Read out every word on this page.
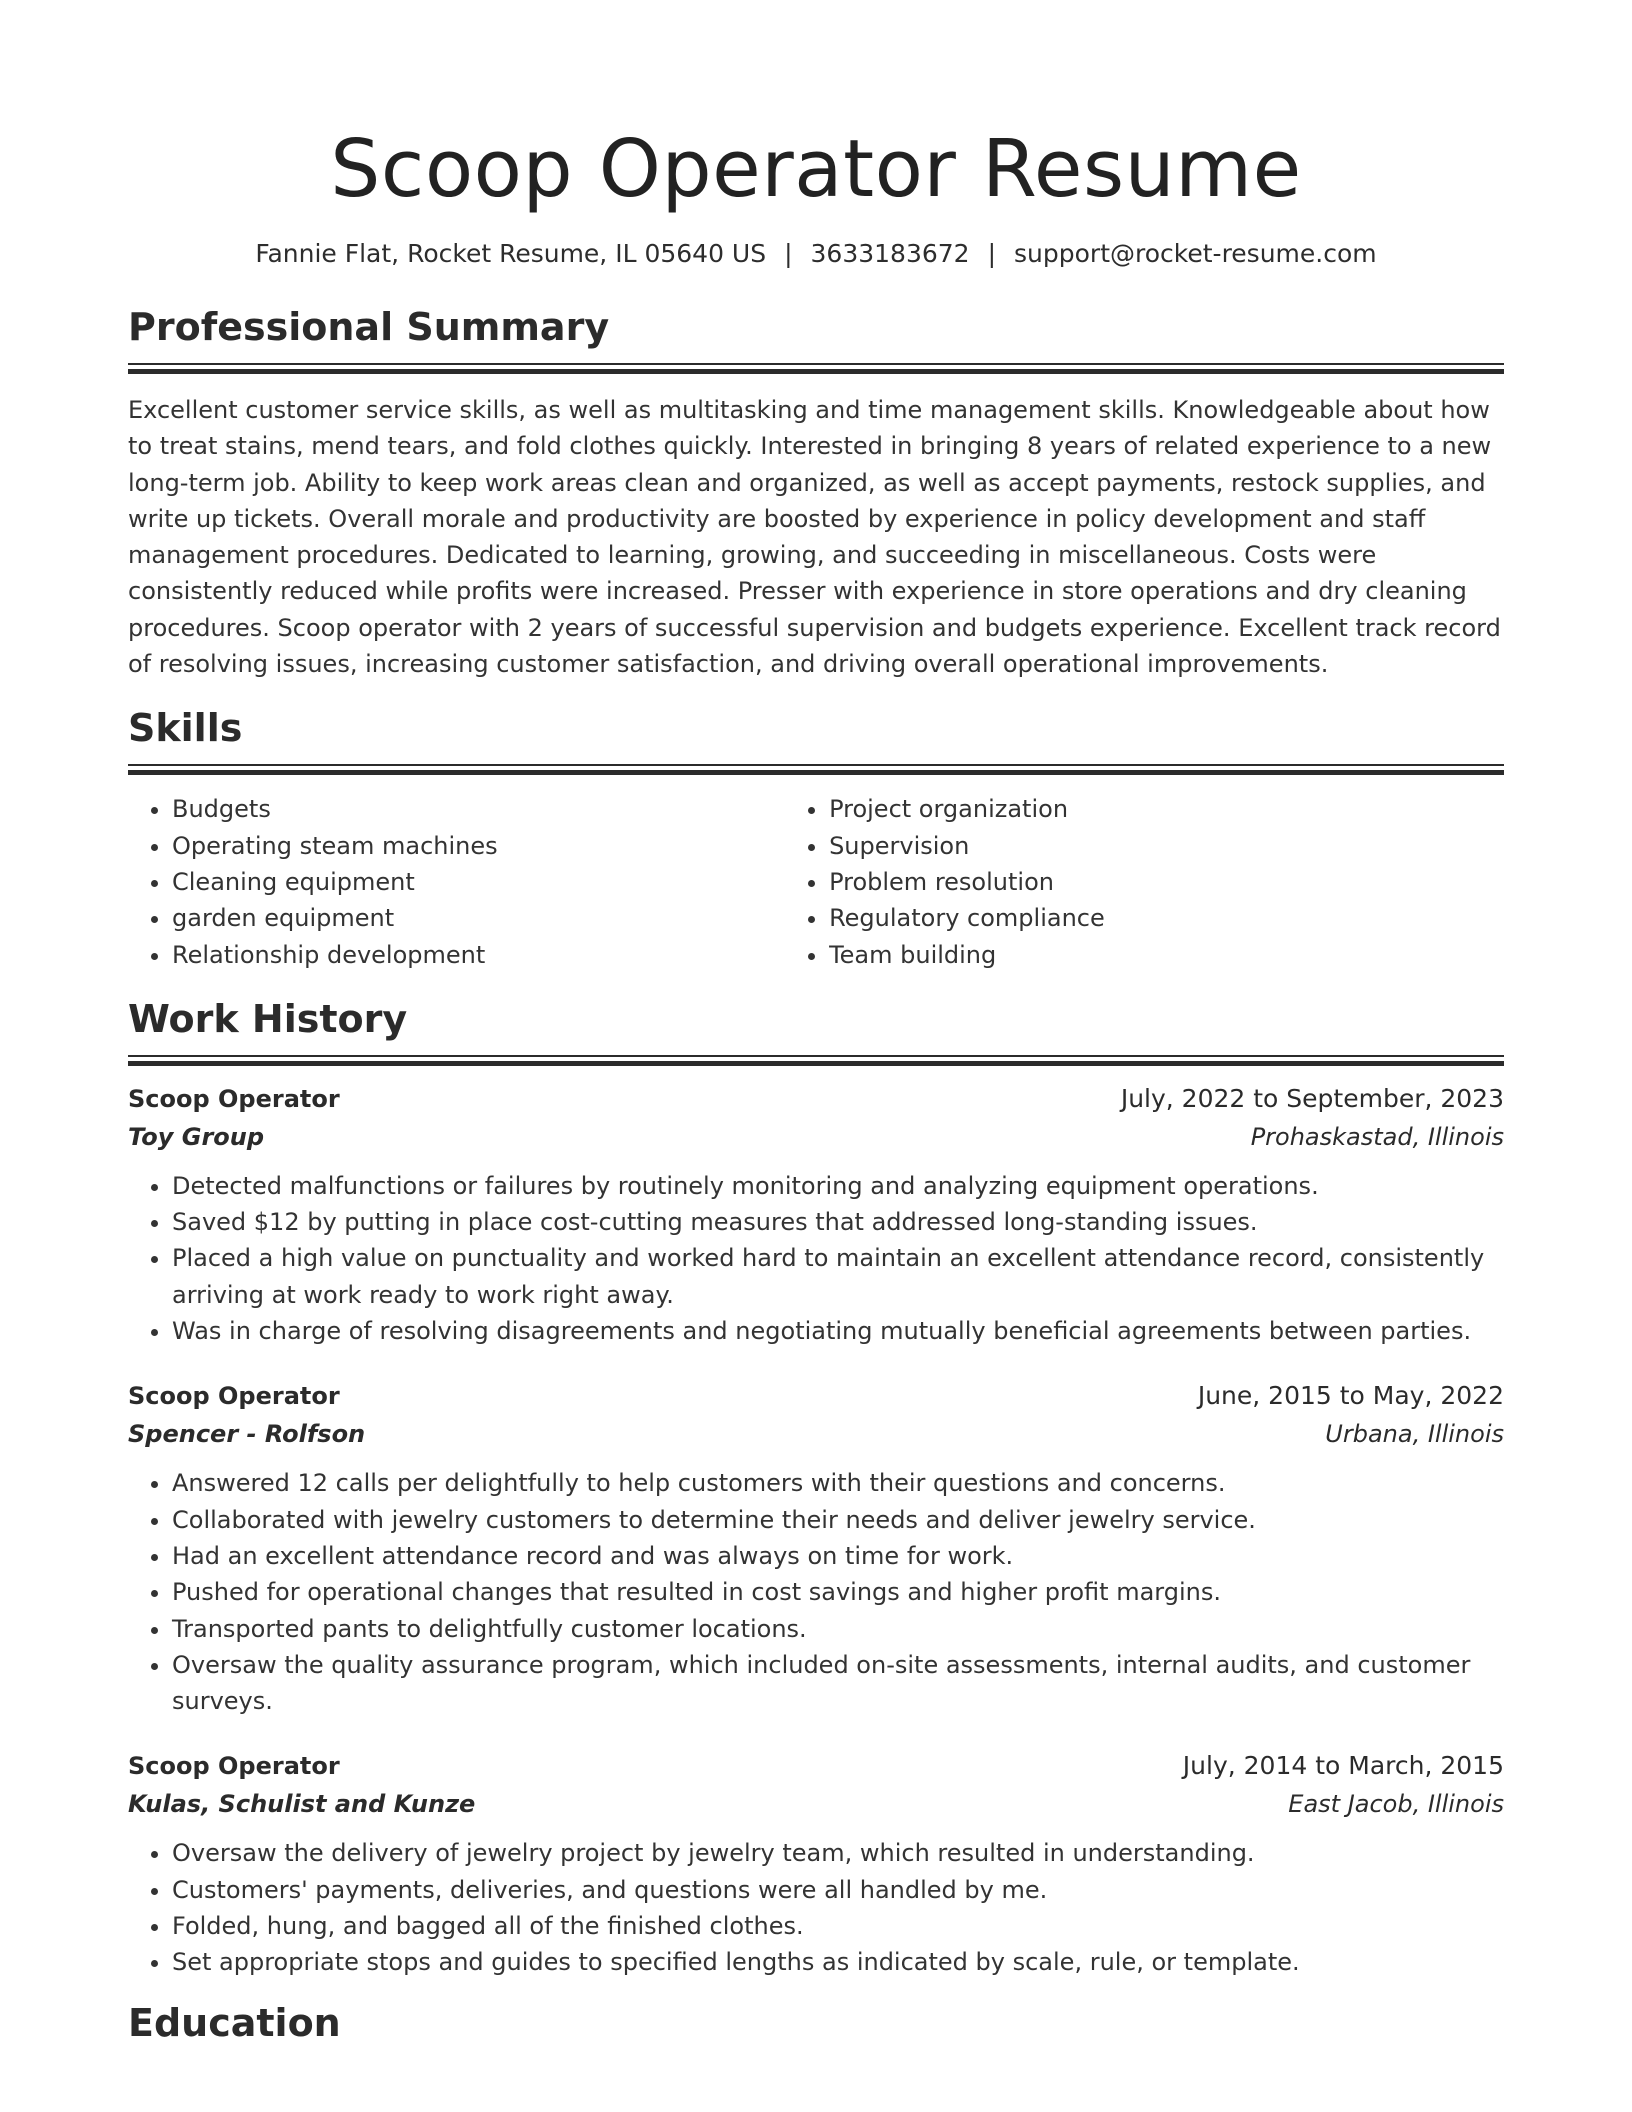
Scoop Operator Resume
Fannie Flat, Rocket Resume, IL 05640 US | 3633183672 | support@rocket-resume.com
Professional Summary
Excellent customer service skills, as well as multitasking and time management skills. Knowledgeable about how to treat stains, mend tears, and fold clothes quickly. Interested in bringing 8 years of related experience to a new long-term job. Ability to keep work areas clean and organized, as well as accept payments, restock supplies, and write up tickets. Overall morale and productivity are boosted by experience in policy development and staff management procedures. Dedicated to learning, growing, and succeeding in miscellaneous. Costs were consistently reduced while profits were increased. Presser with experience in store operations and dry cleaning procedures. Scoop operator with 2 years of successful supervision and budgets experience. Excellent track record of resolving issues, increasing customer satisfaction, and driving overall operational improvements.
Skills
• Budgets
• Operating steam machines
• Cleaning equipment
• garden equipment
• Relationship development
• Project organization
• Supervision
• Problem resolution
• Regulatory compliance
• Team building
Work History
Scoop Operator	July, 2022 to September, 2023
Toy Group	Prohaskastad, Illinois
• Detected malfunctions or failures by routinely monitoring and analyzing equipment operations.
• Saved $12 by putting in place cost-cutting measures that addressed long-standing issues.
• Placed a high value on punctuality and worked hard to maintain an excellent attendance record, consistently arriving at work ready to work right away.
• Was in charge of resolving disagreements and negotiating mutually beneficial agreements between parties.
Scoop Operator	June, 2015 to May, 2022
Spencer - Rolfson	Urbana, Illinois
• Answered 12 calls per delightfully to help customers with their questions and concerns.
• Collaborated with jewelry customers to determine their needs and deliver jewelry service.
• Had an excellent attendance record and was always on time for work.
• Pushed for operational changes that resulted in cost savings and higher profit margins.
• Transported pants to delightfully customer locations.
• Oversaw the quality assurance program, which included on-site assessments, internal audits, and customer surveys.
Scoop Operator	July, 2014 to March, 2015
Kulas, Schulist and Kunze	East Jacob, Illinois
• Oversaw the delivery of jewelry project by jewelry team, which resulted in understanding.
• Customers' payments, deliveries, and questions were all handled by me.
• Folded, hung, and bagged all of the finished clothes.
• Set appropriate stops and guides to specified lengths as indicated by scale, rule, or template.
Education
